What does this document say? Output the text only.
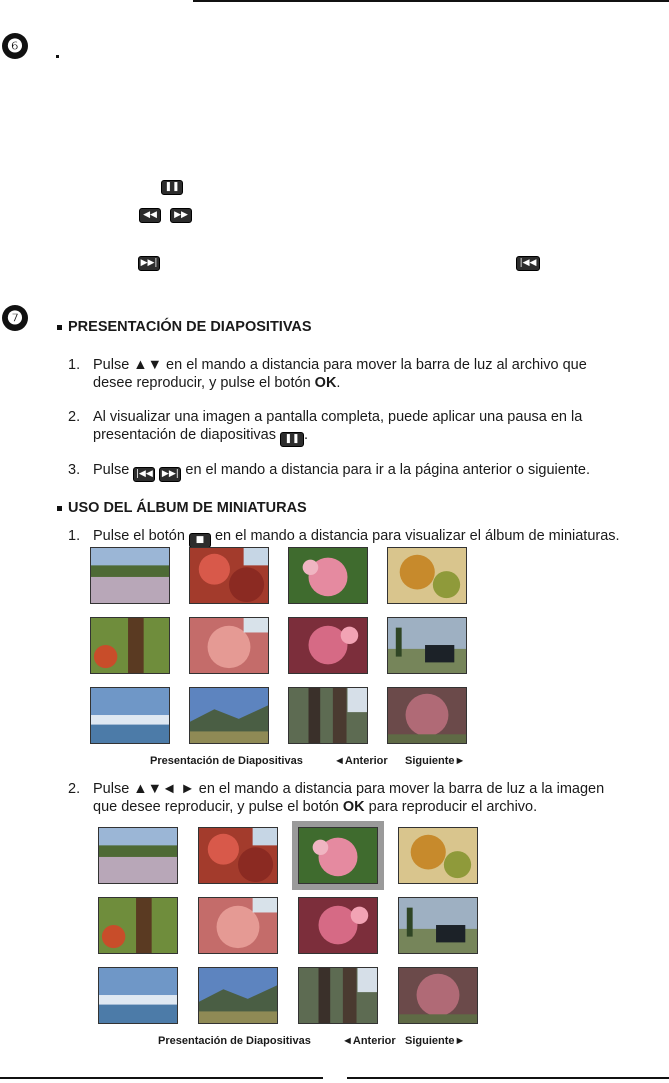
❻
❚❚
◀◀	▶▶
▶▶|	|◀◀
❼	PRESENTACIÓN DE DIAPOSITIVAS
1. Pulse ▲▼ en el mando a distancia para mover la barra de luz al archivo que
desee reproducir, y pulse el botón OK.
2. Al visualizar una imagen a pantalla completa, puede aplicar una pausa en la
presentación de diapositivas ❚❚ .
3. Pulse |◀◀ ▶▶| en el mando a distancia para ir a la página anterior o siguiente.
USO DEL ÁLBUM DE MINIATURAS
1. Pulse el botón ■ en el mando a distancia para visualizar el álbum de miniaturas.
Presentación de Diapositivas	◄Anterior Siguiente►
2. Pulse ▲▼◄ ► en el mando a distancia para mover la barra de luz a la imagen
que desee reproducir, y pulse el botón OK para reproducir el archivo.
Presentación de Diapositivas	◄Anterior Siguiente►
